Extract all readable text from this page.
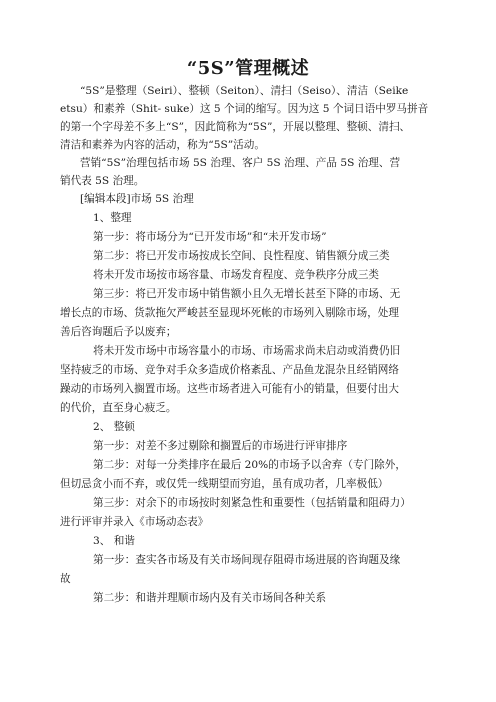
“5S”管理概述
“5S”是整理（Seiri）、整顿（Seiton）、清扫（Seiso）、清洁（Seike
etsu）和素养（Shit- suke）这 5 个词的缩写。因为这 5 个词日语中罗马拼音
的第一个字母差不多上“S”，因此简称为“5S”，开展以整理、整顿、清扫、
清洁和素养为内容的活动，称为“5S”活动。
营销“5S”治理包括市场 5S 治理、客户 5S 治理、产品 5S 治理、营
销代表 5S 治理。
[编辑本段]市场 5S 治理
1、整理
第一步：将市场分为“已开发市场”和“未开发市场”
第二步：将已开发市场按成长空间、良性程度、销售额分成三类
将未开发市场按市场容量、市场发育程度、竞争秩序分成三类
第三步：将已开发市场中销售额小且久无增长甚至下降的市场、无
增长点的市场、货款拖欠严峻甚至显现坏死帐的市场列入剔除市场，处理
善后咨询题后予以废弃；
将未开发市场中市场容量小的市场、市场需求尚未启动或消费仍旧
坚持疲乏的市场、竞争对手众多造成价格紊乱、产品鱼龙混杂且经销网络
躁动的市场列入搁置市场。这些市场者进入可能有小的销量，但要付出大
的代价，直至身心疲乏。
2、 整顿
第一步：对差不多过剔除和搁置后的市场进行评审排序
第二步：对每一分类排序在最后 20%的市场予以舍弃（专门除外，
但切忌贪小而不弃，或仅凭一线期望而穷追，虽有成功者，几率极低）
第三步：对余下的市场按时刻紧急性和重要性（包括销量和阻碍力）
进行评审并录入《市场动态表》
3、 和谐
第一步：查实各市场及有关市场间现存阻碍市场进展的咨询题及缘
故
第二步：和谐并理顺市场内及有关市场间各种关系
